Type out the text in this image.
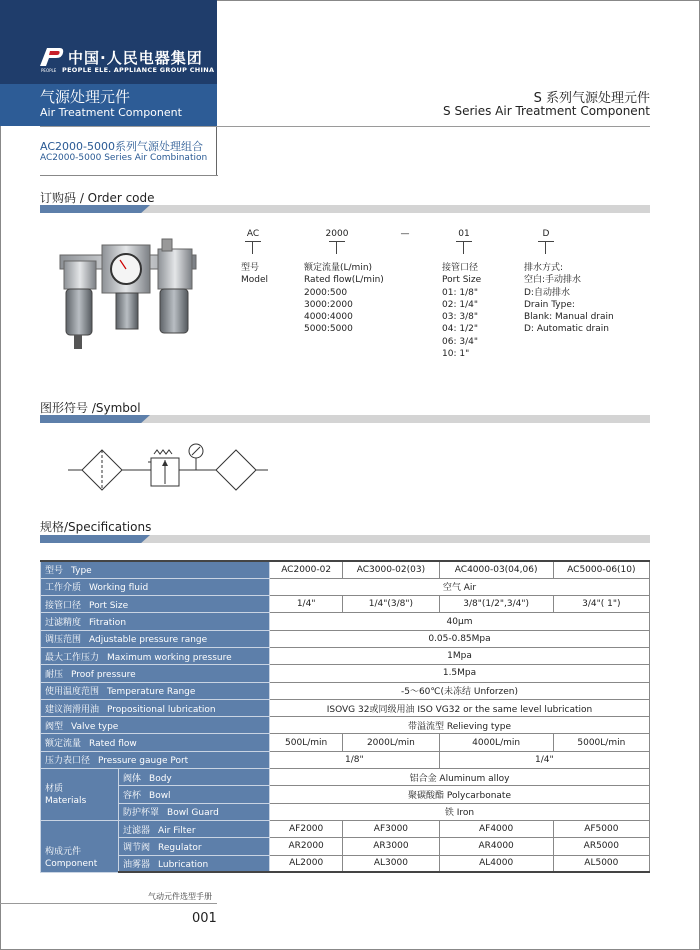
中国·人民电器集团
PEOPLE PEOPLE ELE. APPLIANCE GROUP CHINA
气源处理元件
Air Treatment Component
S 系列气源处理元件
S Series Air Treatment Component
AC2000-5000系列气源处理组合
AC2000-5000 Series Air Combination
订购码 / Order code
AC
型号
Model
2000
额定流量(L/min)
Rated flow(L/min)
2000:500
3000:2000
4000:4000
5000:5000
—	01
接管口径
Port Size
01: 1/8"
02: 1/4"
03: 3/8"
04: 1/2"
06: 3/4"
10: 1"
D
排水方式:
空白:手动排水
D:自动排水
Drain Type:
Blank: Manual drain
D: Automatic drain
图形符号 /Symbol
规格/Specifications
型号 Type		AC2000-02	AC3000-02(03)	AC4000-03(04,06)	AC5000-06(10)
工作介质 Working fluid		空气 Air			
接管口径 Port Size		1/4"	1/4"(3/8")	3/8"(1/2",3/4")	3/4"( 1")
过滤精度 Fitration		40μm			
调压范围 Adjustable pressure range		0.05-0.85Mpa			
最大工作压力 Maximum working pressure		1Mpa			
耐压 Proof pressure		1.5Mpa			
使用温度范围 Temperature Range		-5～60℃(未冻结 Unforzen)			
建议润滑用油 Propositional lubrication		ISOVG 32或同级用油 ISO VG32 or the same level lubrication			
阀型 Valve type		带溢流型 Relieving type			
额定流量 Rated flow		500L/min	2000L/min	4000L/min	5000L/min
压力表口径 Pressure gauge Port		1/8"		1/4"	

材质
Materials	阀体 Body	铝合金 Aluminum alloy			
	容杯 Bowl	聚碳酸酯 Polycarbonate			
	防护杯罩 Bowl Guard	铁 Iron			

构成元件
Component	过滤器 Air Filter	AF2000	AF3000	AF4000	AF5000
	调节阀 Regulator	AR2000	AR3000	AR4000	AR5000
	油雾器 Lubrication	AL2000	AL3000	AL4000	AL5000
气动元件选型手册
001
